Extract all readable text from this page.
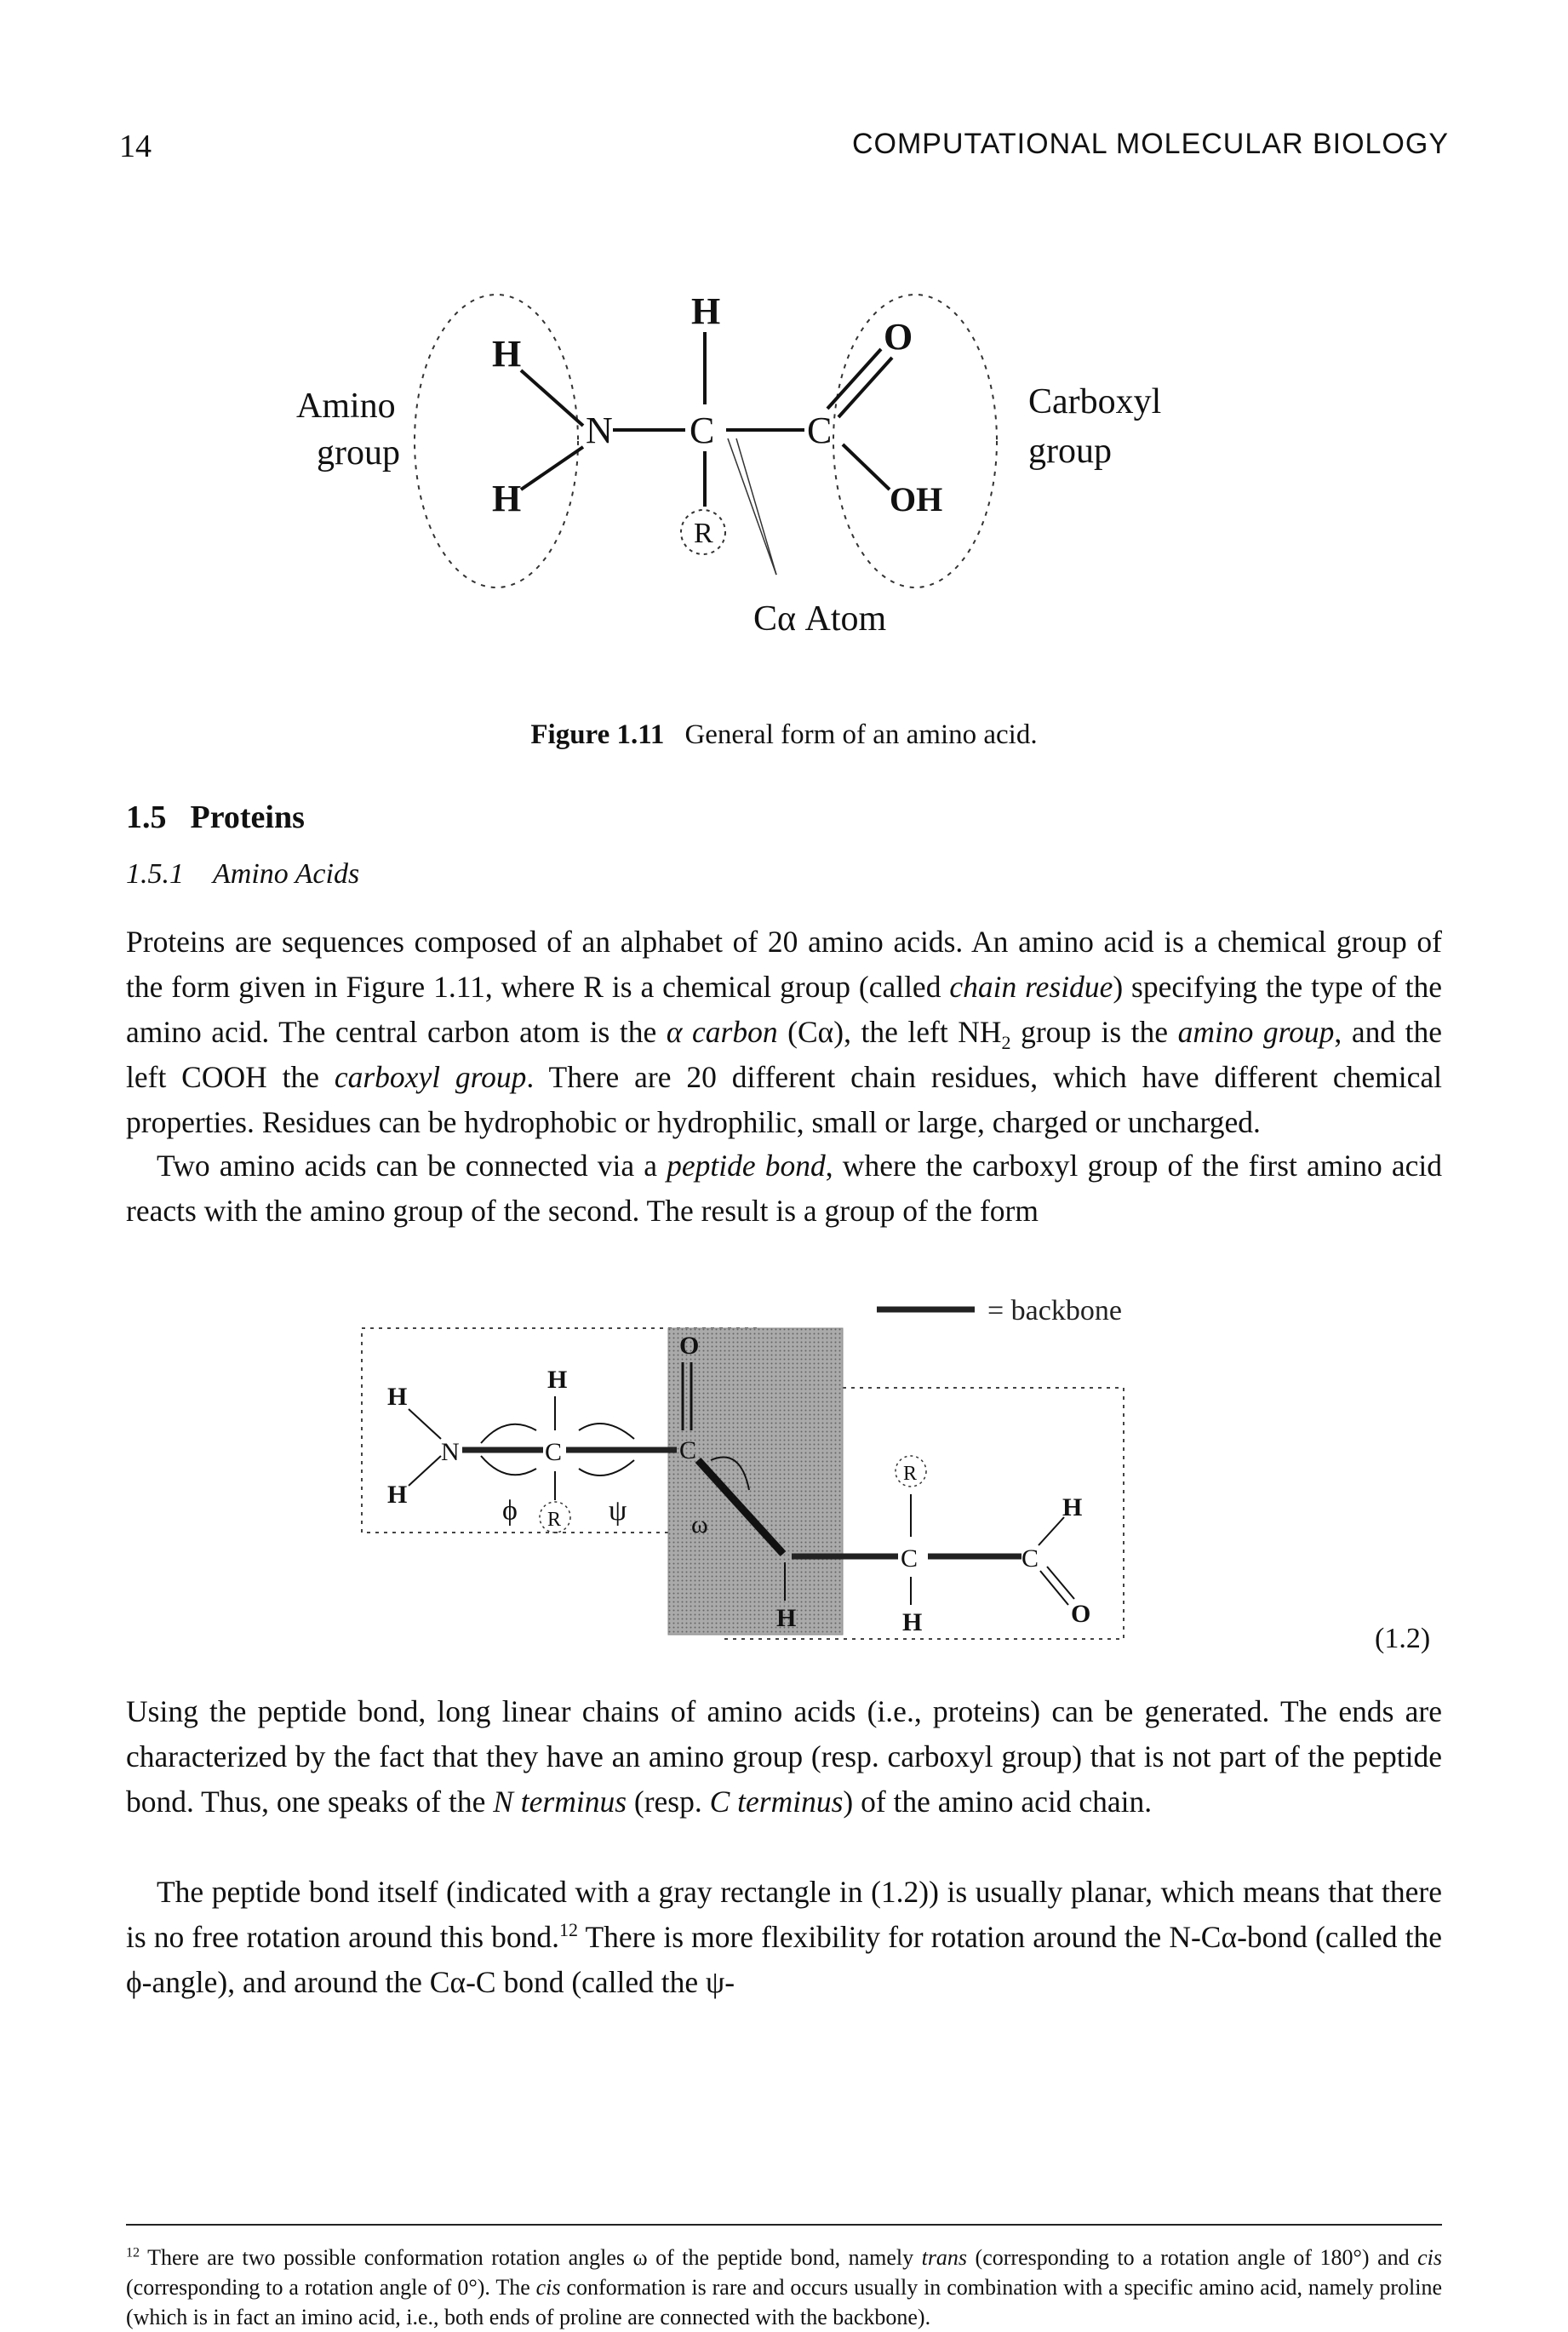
14	COMPUTATIONAL MOLECULAR BIOLOGY
H
H
N
H
C
R
C
O
OH
Amino
group
Carboxyl
group
Cα Atom
Figure 1.11 General form of an amino acid.
1.5 Proteins
1.5.1 Amino Acids
Proteins are sequences composed of an alphabet of 20 amino acids. An amino acid is a chemical group of the form given in Figure 1.11, where R is a chemical group (called chain residue) specifying the type of the amino acid. The central carbon atom is the α carbon (Cα), the left $NH_2$ group is the amino group, and the left COOH the carboxyl group. There are 20 different chain residues, which have different chemical properties. Residues can be hydrophobic or hydrophilic, small or large, charged or uncharged.
Two amino acids can be connected via a peptide bond, where the carboxyl group of the first amino acid reacts with the amino group of the second. The result is a group of the form
= backbone
H
H
N
H
C
R
ϕ	ψ
O
C
ω
H
C
R
H
C
H
O
(1.2)
Using the peptide bond, long linear chains of amino acids (i.e., proteins) can be generated. The ends are characterized by the fact that they have an amino group (resp. carboxyl group) that is not part of the peptide bond. Thus, one speaks of the N terminus (resp. C terminus) of the amino acid chain.
The peptide bond itself (indicated with a gray rectangle in (1.2)) is usually planar, which means that there is no free rotation around this bond.$^{12}$ There is more flexibility for rotation around the N-Cα-bond (called the ϕ-angle), and around the Cα-C bond (called the ψ-
$^{12}$ There are two possible conformation rotation angles ω of the peptide bond, namely trans (corresponding to a rotation angle of 180°) and cis (corresponding to a rotation angle of 0°). The cis conformation is rare and occurs usually in combination with a specific amino acid, namely proline (which is in fact an imino acid, i.e., both ends of proline are connected with the backbone).
